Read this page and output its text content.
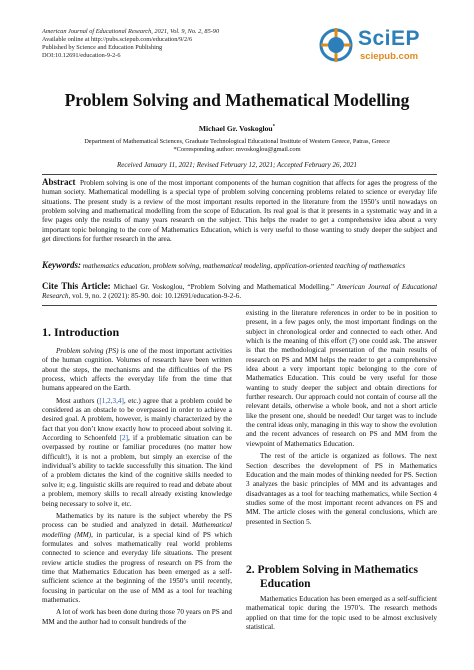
American Journal of Educational Research, 2021, Vol. 9, No. 2, 85-90
Available online at http://pubs.sciepub.com/education/9/2/6
Published by Science and Education Publishing
DOI:10.12691/education-9-2-6
SciEP
sciepub.com
Problem Solving and Mathematical Modelling
Michael Gr. Voskoglou*
Department of Mathematical Sciences, Graduate Technological Educational Institute of Western Greece, Patras, Greece
*Corresponding author: mvoskoglou@gmail.com
Received January 11, 2021; Revised February 12, 2021; Accepted February 26, 2021
Abstract Problem solving is one of the most important components of the human cognition that affects for ages the progress of the human society. Mathematical modelling is a special type of problem solving concerning problems related to science or everyday life situations. The present study is a review of the most important results reported in the literature from the 1950’s until nowadays on problem solving and mathematical modelling from the scope of Education. Its real goal is that it presents in a systematic way and in a few pages only the results of many years research on the subject. This helps the reader to get a comprehensive idea about a very important topic belonging to the core of Mathematics Education, which is very useful to those wanting to study deeper the subject and get directions for further research in the area.
Keywords: mathematics education, problem solving, mathematical modeling, application-oriented teaching of mathematics
Cite This Article: Michael Gr. Voskoglou, “Problem Solving and Mathematical Modelling.” American Journal of Educational Research, vol. 9, no. 2 (2021): 85-90. doi: 10.12691/education-9-2-6.
1. Introduction

Problem solving (PS) is one of the most important activities of the human cognition. Volumes of research have been written about the steps, the mechanisms and the difficulties of the PS process, which affects the everyday life from the time that humans appeared on the Earth.

Most authors ([1,2,3,4], etc.) agree that a problem could be considered as an obstacle to be overpassed in order to achieve a desired goal. A problem, however, is mainly characterized by the fact that you don’t know exactly how to proceed about solving it. According to Schoenfeld [2], if a problematic situation can be overpassed by routine or familiar procedures (no matter how difficult!), it is not a problem, but simply an exercise of the individual’s ability to tackle successfully this situation. The kind of a problem dictates the kind of the cognitive skills needed to solve it; e.g. linguistic skills are required to read and debate about a problem, memory skills to recall already existing knowledge being necessary to solve it, etc.

Mathematics by its nature is the subject whereby the PS process can be studied and analyzed in detail. Mathematical modelling (MM), in particular, is a special kind of PS which formulates and solves mathematically real world problems connected to science and everyday life situations. The present review article studies the progress of research on PS from the time that Mathematics Education has been emerged as a self-sufficient science at the beginning of the 1950’s until recently, focusing in particular on the use of MM as a tool for teaching mathematics.

A lot of work has been done during those 70 years on PS and MM and the author had to consult hundreds of the

existing in the literature references in order to be in position to present, in a few pages only, the most important findings on the subject in chronological order and connected to each other. And which is the meaning of this effort (?) one could ask. The answer is that the methodological presentation of the main results of research on PS and MM helps the reader to get a comprehensive idea about a very important topic belonging to the core of Mathematics Education. This could be very useful for those wanting to study deeper the subject and obtain directions for further research. Our approach could not contain of course all the relevant details, otherwise a whole book, and not a short article like the present one, should be needed! Our target was to include the central ideas only, managing in this way to show the evolution and the recent advances of research on PS and MM from the viewpoint of Mathematics Education.

The rest of the article is organized as follows. The next Section describes the development of PS in Mathematics Education and the main modes of thinking needed for PS. Section 3 analyzes the basic principles of MM and its advantages and disadvantages as a tool for teaching mathematics, while Section 4 studies some of the most important recent advances on PS and MM. The article closes with the general conclusions, which are presented in Section 5.

2. Problem Solving in Mathematics
Education

Mathematics Education has been emerged as a self-sufficient mathematical topic during the 1970’s. The research methods applied on that time for the topic used to be almost exclusively statistical.
